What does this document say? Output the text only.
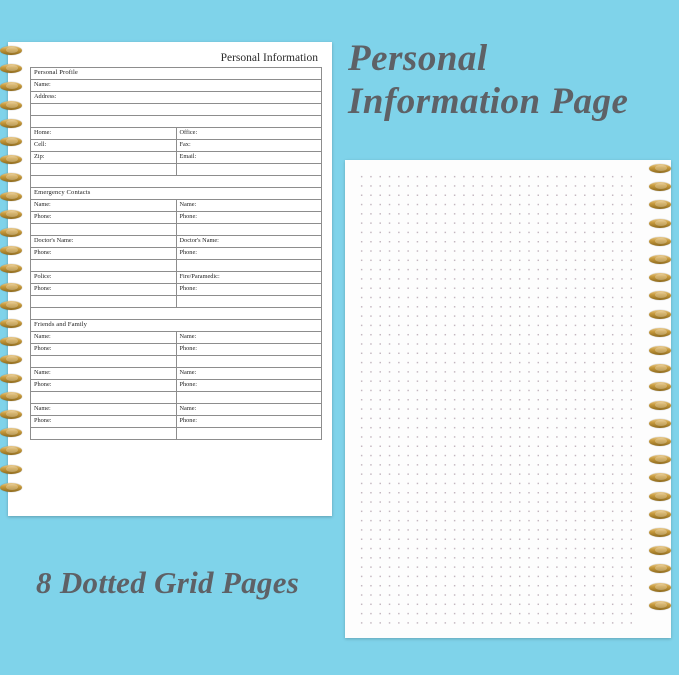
Personal Information
Personal Profile	
Name:	
Address:	

Home:	Office:
Cell:	Fax:
Zip:	Email:

Emergency Contacts	
Name:	Name:
Phone:	Phone:

Doctor's Name:	Doctor's Name:
Phone:	Phone:

Police:	Fire/Paramedic:
Phone:	Phone:

Friends and Family	
Name:	Name:
Phone:	Phone:

Name:	Name:
Phone:	Phone:

Name:	Name:
Phone:	Phone:

Personal
Information Page
8 Dotted Grid Pages
